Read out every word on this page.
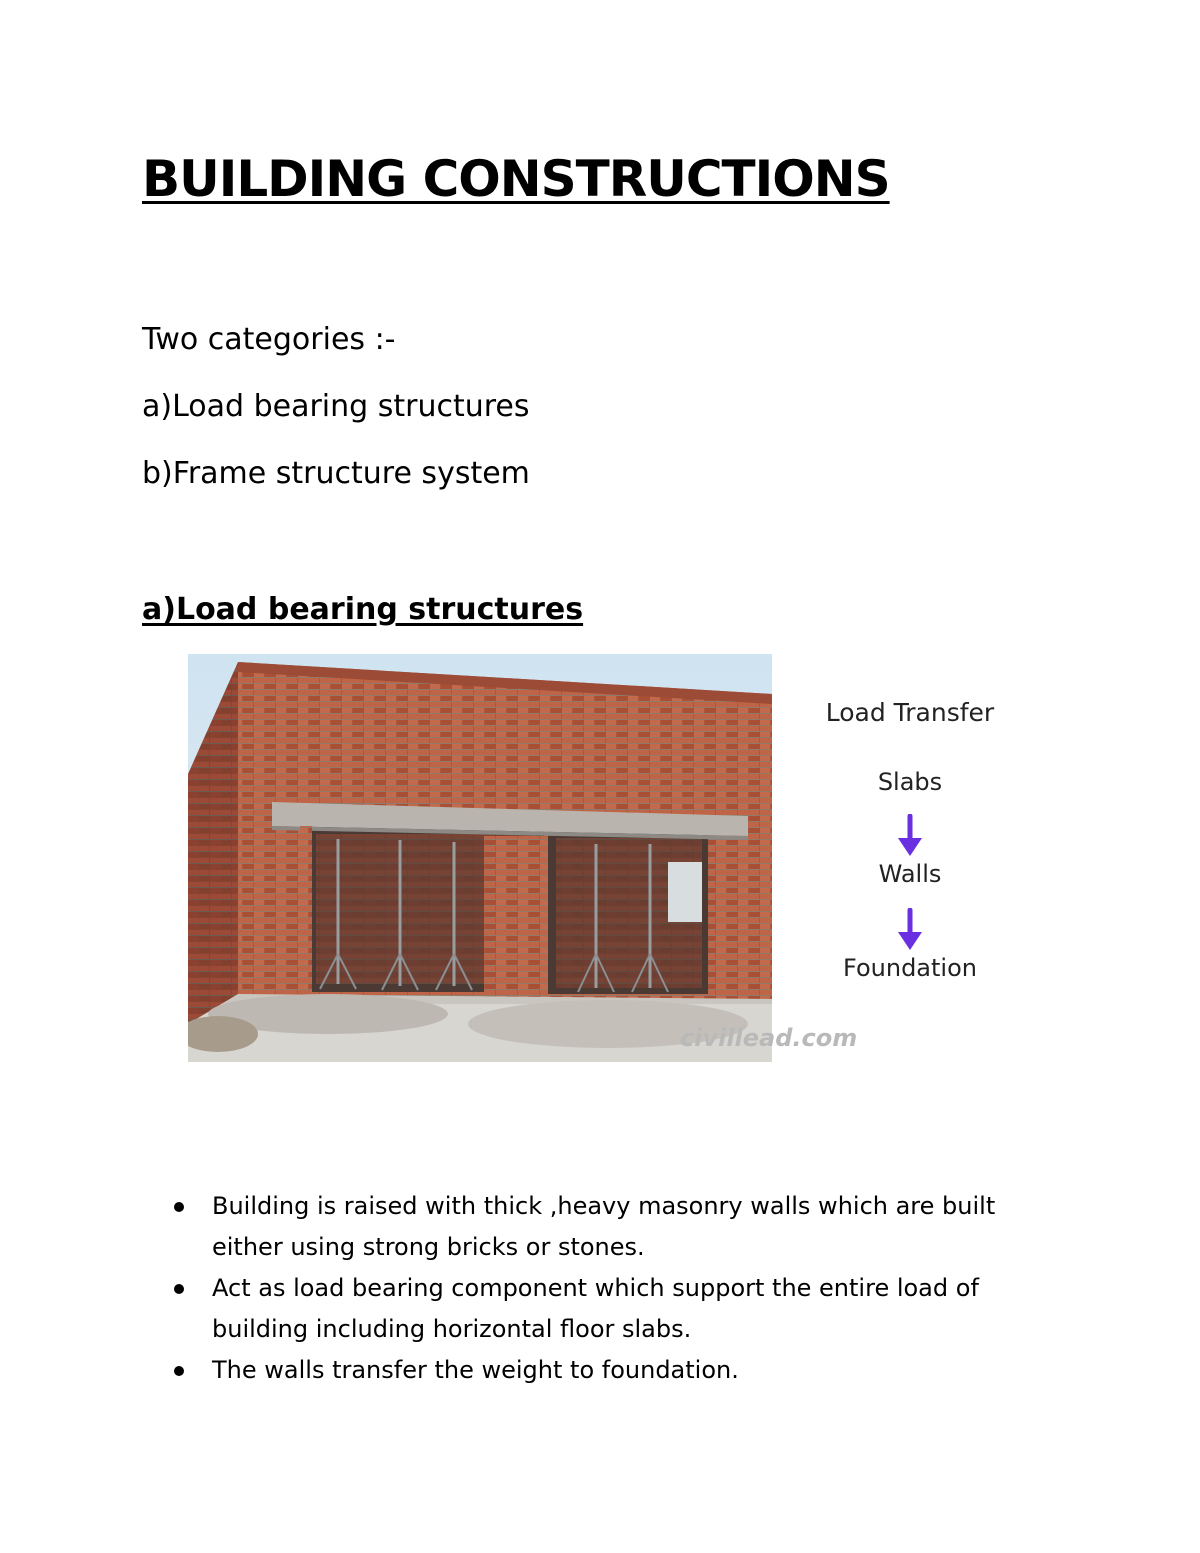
BUILDING CONSTRUCTIONS

Two categories :-

a)Load bearing structures

b)Frame structure system

a)Load bearing structures
civillead.com
Load Transfer
Slabs
Walls
Foundation
Building is raised with thick ,heavy masonry walls which are built either using strong bricks or stones.
Act as load bearing component which support the entire load of building including horizontal floor slabs.
The walls transfer the weight to foundation.
